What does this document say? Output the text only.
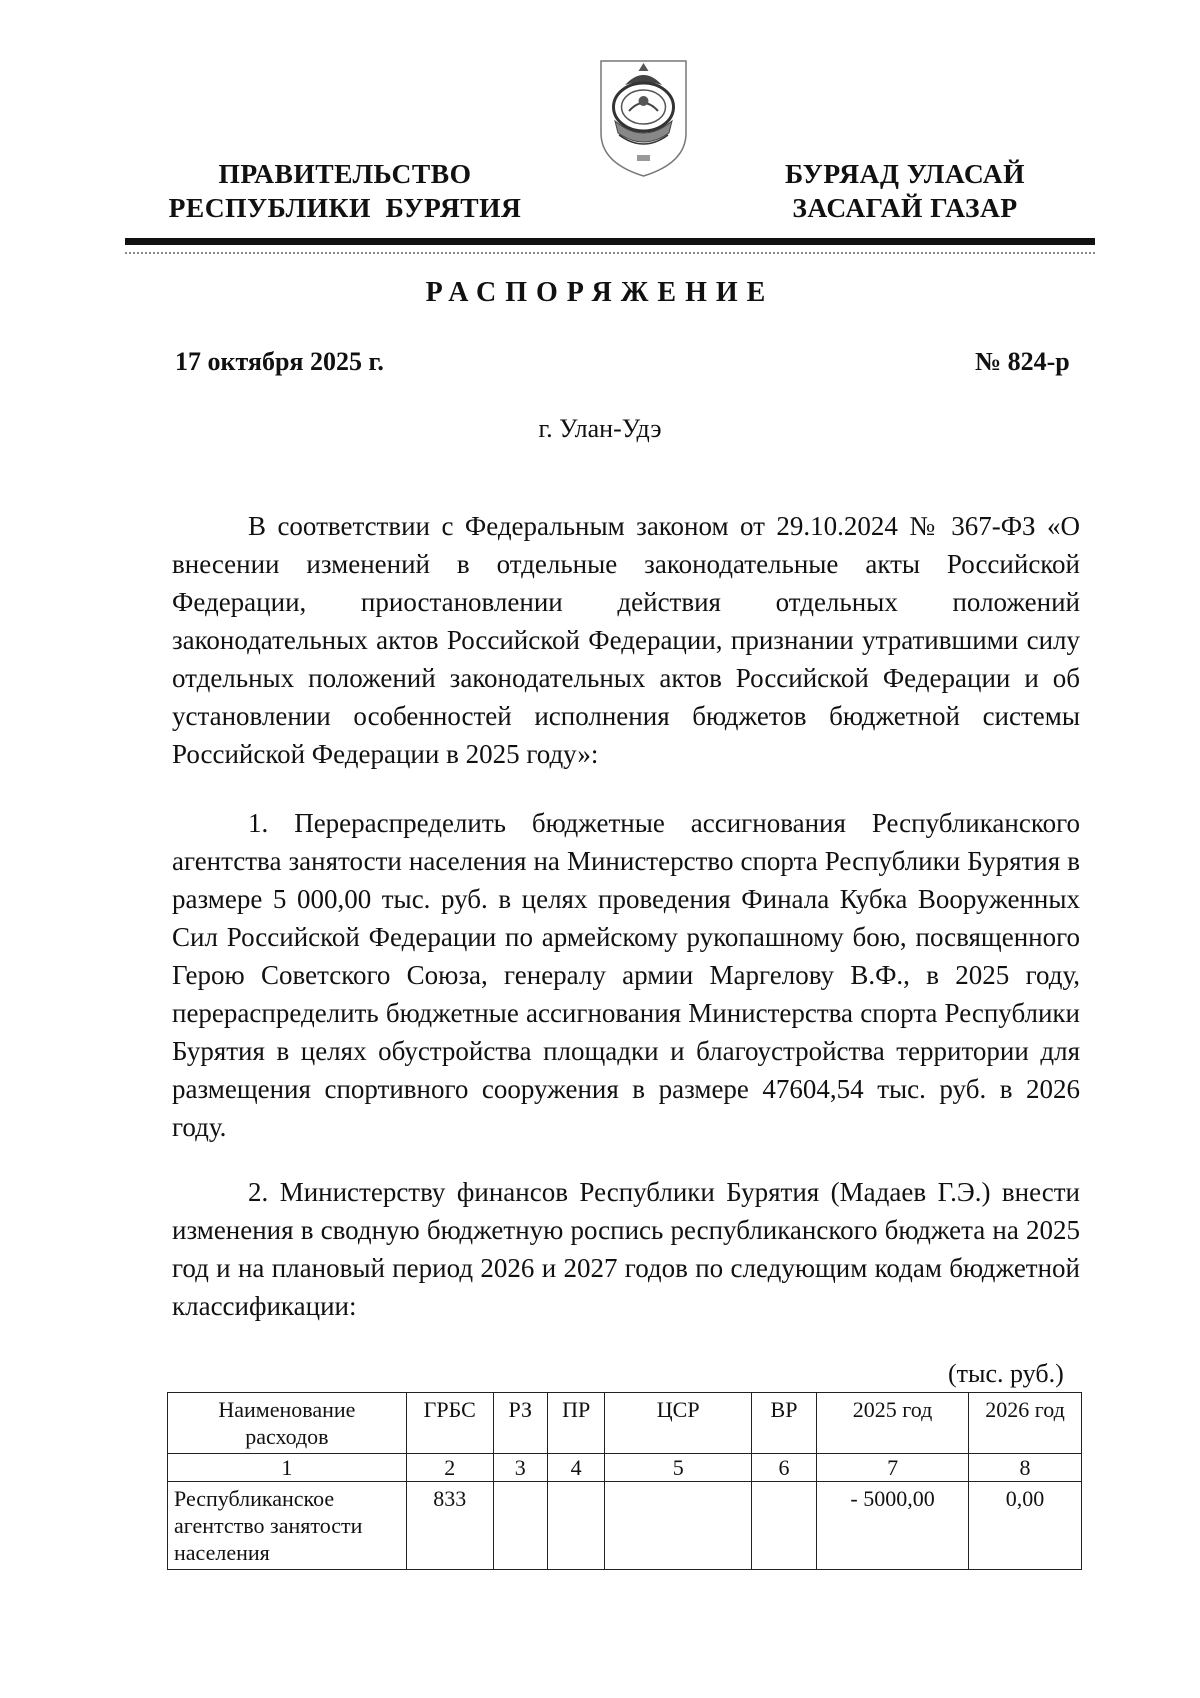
ПРАВИТЕЛЬСТВО
РЕСПУБЛИКИ  БУРЯТИЯ
БУРЯАД УЛАСАЙ
ЗАСАГАЙ ГАЗАР
РАСПОРЯЖЕНИЕ
17 октября 2025 г.	№ 824-р
г. Улан-Удэ

В соответствии с Федеральным законом от 29.10.2024 № 367-ФЗ «О внесении изменений в отдельные законодательные акты Российской Федерации, приостановлении действия отдельных положений законодательных актов Российской Федерации, признании утратившими силу отдельных положений законодательных актов Российской Федерации и об установлении особенностей исполнения бюджетов бюджетной системы Российской Федерации в 2025 году»:

1. Перераспределить бюджетные ассигнования Республиканского агентства занятости населения на Министерство спорта Республики Бурятия в размере 5 000,00 тыс. руб. в целях проведения Финала Кубка Вооруженных Сил Российской Федерации по армейскому рукопашному бою, посвященного Герою Советского Союза, генералу армии Маргелову В.Ф., в 2025 году, перераспределить бюджетные ассигнования Министерства спорта Республики Бурятия в целях обустройства площадки и благоустройства территории для размещения спортивного сооружения в размере 47604,54 тыс. руб. в 2026 году.

2. Министерству финансов Республики Бурятия (Мадаев Г.Э.) внести изменения в сводную бюджетную роспись республиканского бюджета на 2025 год и на плановый период 2026 и 2027 годов по следующим кодам бюджетной классификации:

(тыс. руб.)
Наименование расходов	ГРБС	РЗ	ПР	ЦСР	ВР	2025 год	2026 год
1	2	3	4	5	6	7	8
Республиканское агентство занятости населения	833					- 5000,00	0,00
